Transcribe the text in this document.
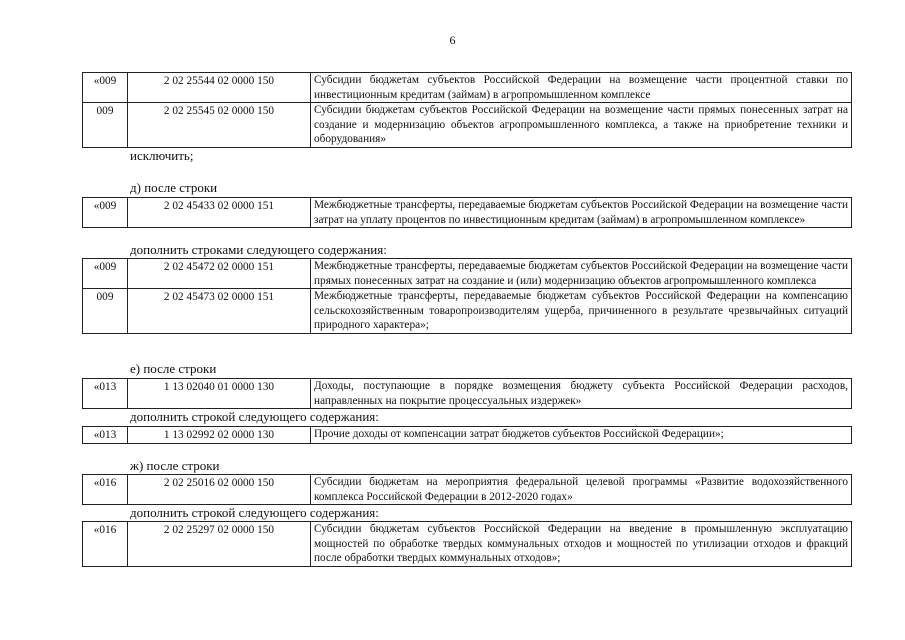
6
«009	2 02 25544 02 0000 150	Субсидии бюджетам субъектов Российской Федерации на возмещение части процентной ставки по инвестиционным кредитам (займам) в агропромышленном комплексе
009	2 02 25545 02 0000 150	Субсидии бюджетам субъектов Российской Федерации на возмещение части прямых понесенных затрат на создание и модернизацию объектов агропромышленного комплекса, а также на приобретение техники и оборудования»
исключить;
д) после строки
«009	2 02 45433 02 0000 151	Межбюджетные трансферты, передаваемые бюджетам субъектов Российской Федерации на возмещение части затрат на уплату процентов по инвестиционным кредитам (займам) в агропромышленном комплексе»
дополнить строками следующего содержания:
«009	2 02 45472 02 0000 151	Межбюджетные трансферты, передаваемые бюджетам субъектов Российской Федерации на возмещение части прямых понесенных затрат на создание и (или) модернизацию объектов агропромышленного комплекса
009	2 02 45473 02 0000 151	Межбюджетные трансферты, передаваемые бюджетам субъектов Российской Федерации на компенсацию сельскохозяйственным товаропроизводителям ущерба, причиненного в результате чрезвычайных ситуаций природного характера»;
е) после строки
«013	1 13 02040 01 0000 130	Доходы, поступающие в порядке возмещения бюджету субъекта Российской Федерации расходов, направленных на покрытие процессуальных издержек»
дополнить строкой следующего содержания:
«013	1 13 02992 02 0000 130	Прочие доходы от компенсации затрат бюджетов субъектов Российской Федерации»;
ж) после строки
«016	2 02 25016 02 0000 150	Субсидии бюджетам на мероприятия федеральной целевой программы «Развитие водохозяйственного комплекса Российской Федерации в 2012-2020 годах»
дополнить строкой следующего содержания:
«016	2 02 25297 02 0000 150	Субсидии бюджетам субъектов Российской Федерации на введение в промышленную эксплуатацию мощностей по обработке твердых коммунальных отходов и мощностей по утилизации отходов и фракций после обработки твердых коммунальных отходов»;
